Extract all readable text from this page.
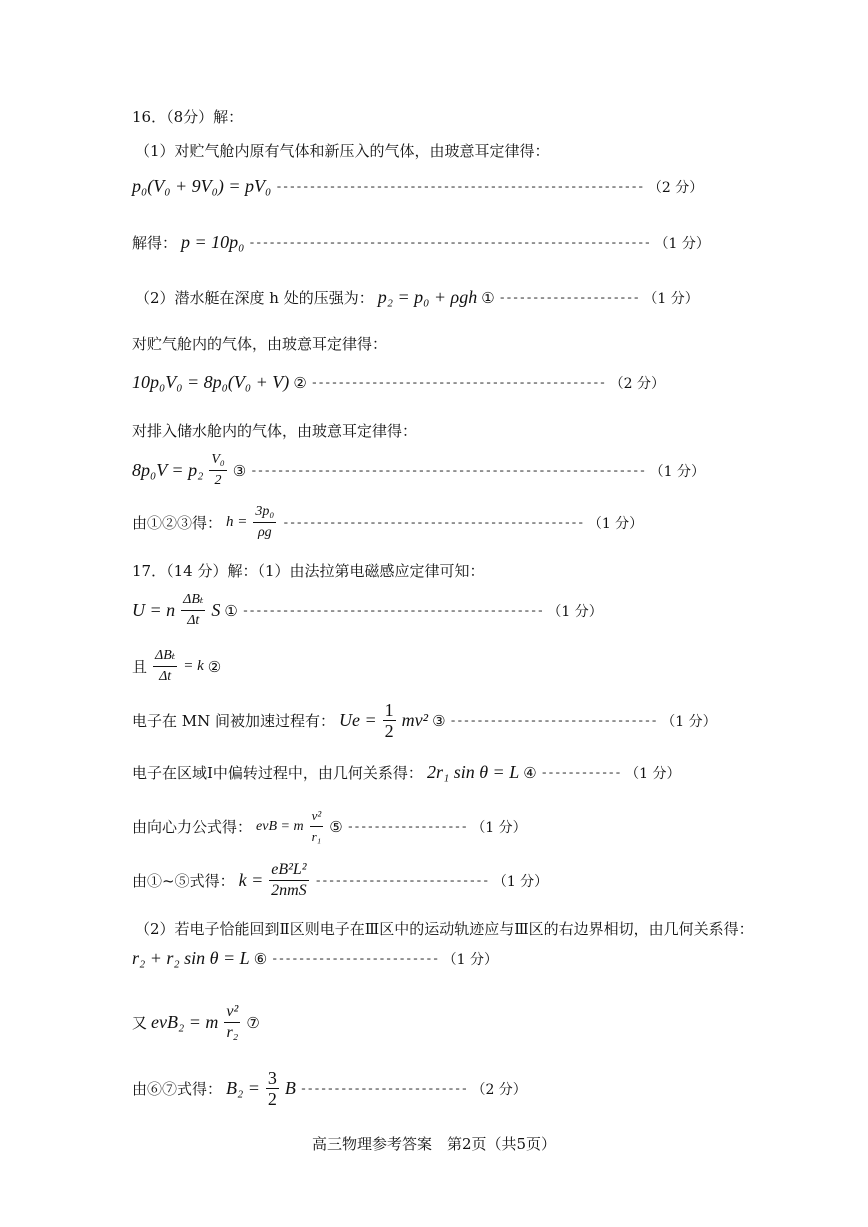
16．（8分）解：
（1）对贮气舱内原有气体和新压入的气体，由玻意耳定律得：
p₀(V₀ + 9V₀) = pV₀ ------------------------------------------------------- （2 分）
解得： p = 10p₀ ------------------------------------------------------------ （1 分）
（2）潜水艇在深度 h 处的压强为： p₂ = p₀ + ρgh ① --------------------- （1 分）
对贮气舱内的气体，由玻意耳定律得：
10p₀V₀ = 8p₀(V₀ + V) ② -------------------------------------------- （2 分）
对排入储水舱内的气体，由玻意耳定律得：
$8p_0V = p_2 \frac{\text{V₀}}{2}$ ③ ----------------------------------------------------------- （1 分）
由①②③得： $h = \frac{\text{3p₀}}{\rho g}$ --------------------------------------------- （1 分）
17．（14 分）解：（1）由法拉第电磁感应定律可知：
U = n $\frac{\text{ΔBₜ}}{\Delta t}$ S ① --------------------------------------------- （1 分）
且 $\frac{\text{ΔBₜ}}{\Delta t} = k$ ②
电子在 MN 间被加速过程有： $Ue = \frac{1}{2} mv^2$ ③ ------------------------------- （1 分）
电子在区域Ⅰ中偏转过程中，由几何关系得： 2r₁ sin θ = L ④ ------------ （1 分）
由向心力公式得： evB = m $\frac{\text{v²}}{\text{r₁}}$ ⑤ ------------------ （1 分）
由①~⑤式得： $k = \frac{\text{eB²L²}}{\text{2nmS}}$ -------------------------- （1 分）
（2）若电子恰能回到Ⅱ区则电子在Ⅲ区中的运动轨迹应与Ⅲ区的右边界相切，由几何关系得：
r₂ + r₂ sin θ = L ⑥ ------------------------- （1 分）
又 evB₂ = m $\frac{\text{v²}}{\text{r₂}}$ ⑦
由⑥⑦式得： $B_2 = \frac{3}{2}$ B ------------------------- （2 分）
高三物理参考答案　第2页（共5页）
